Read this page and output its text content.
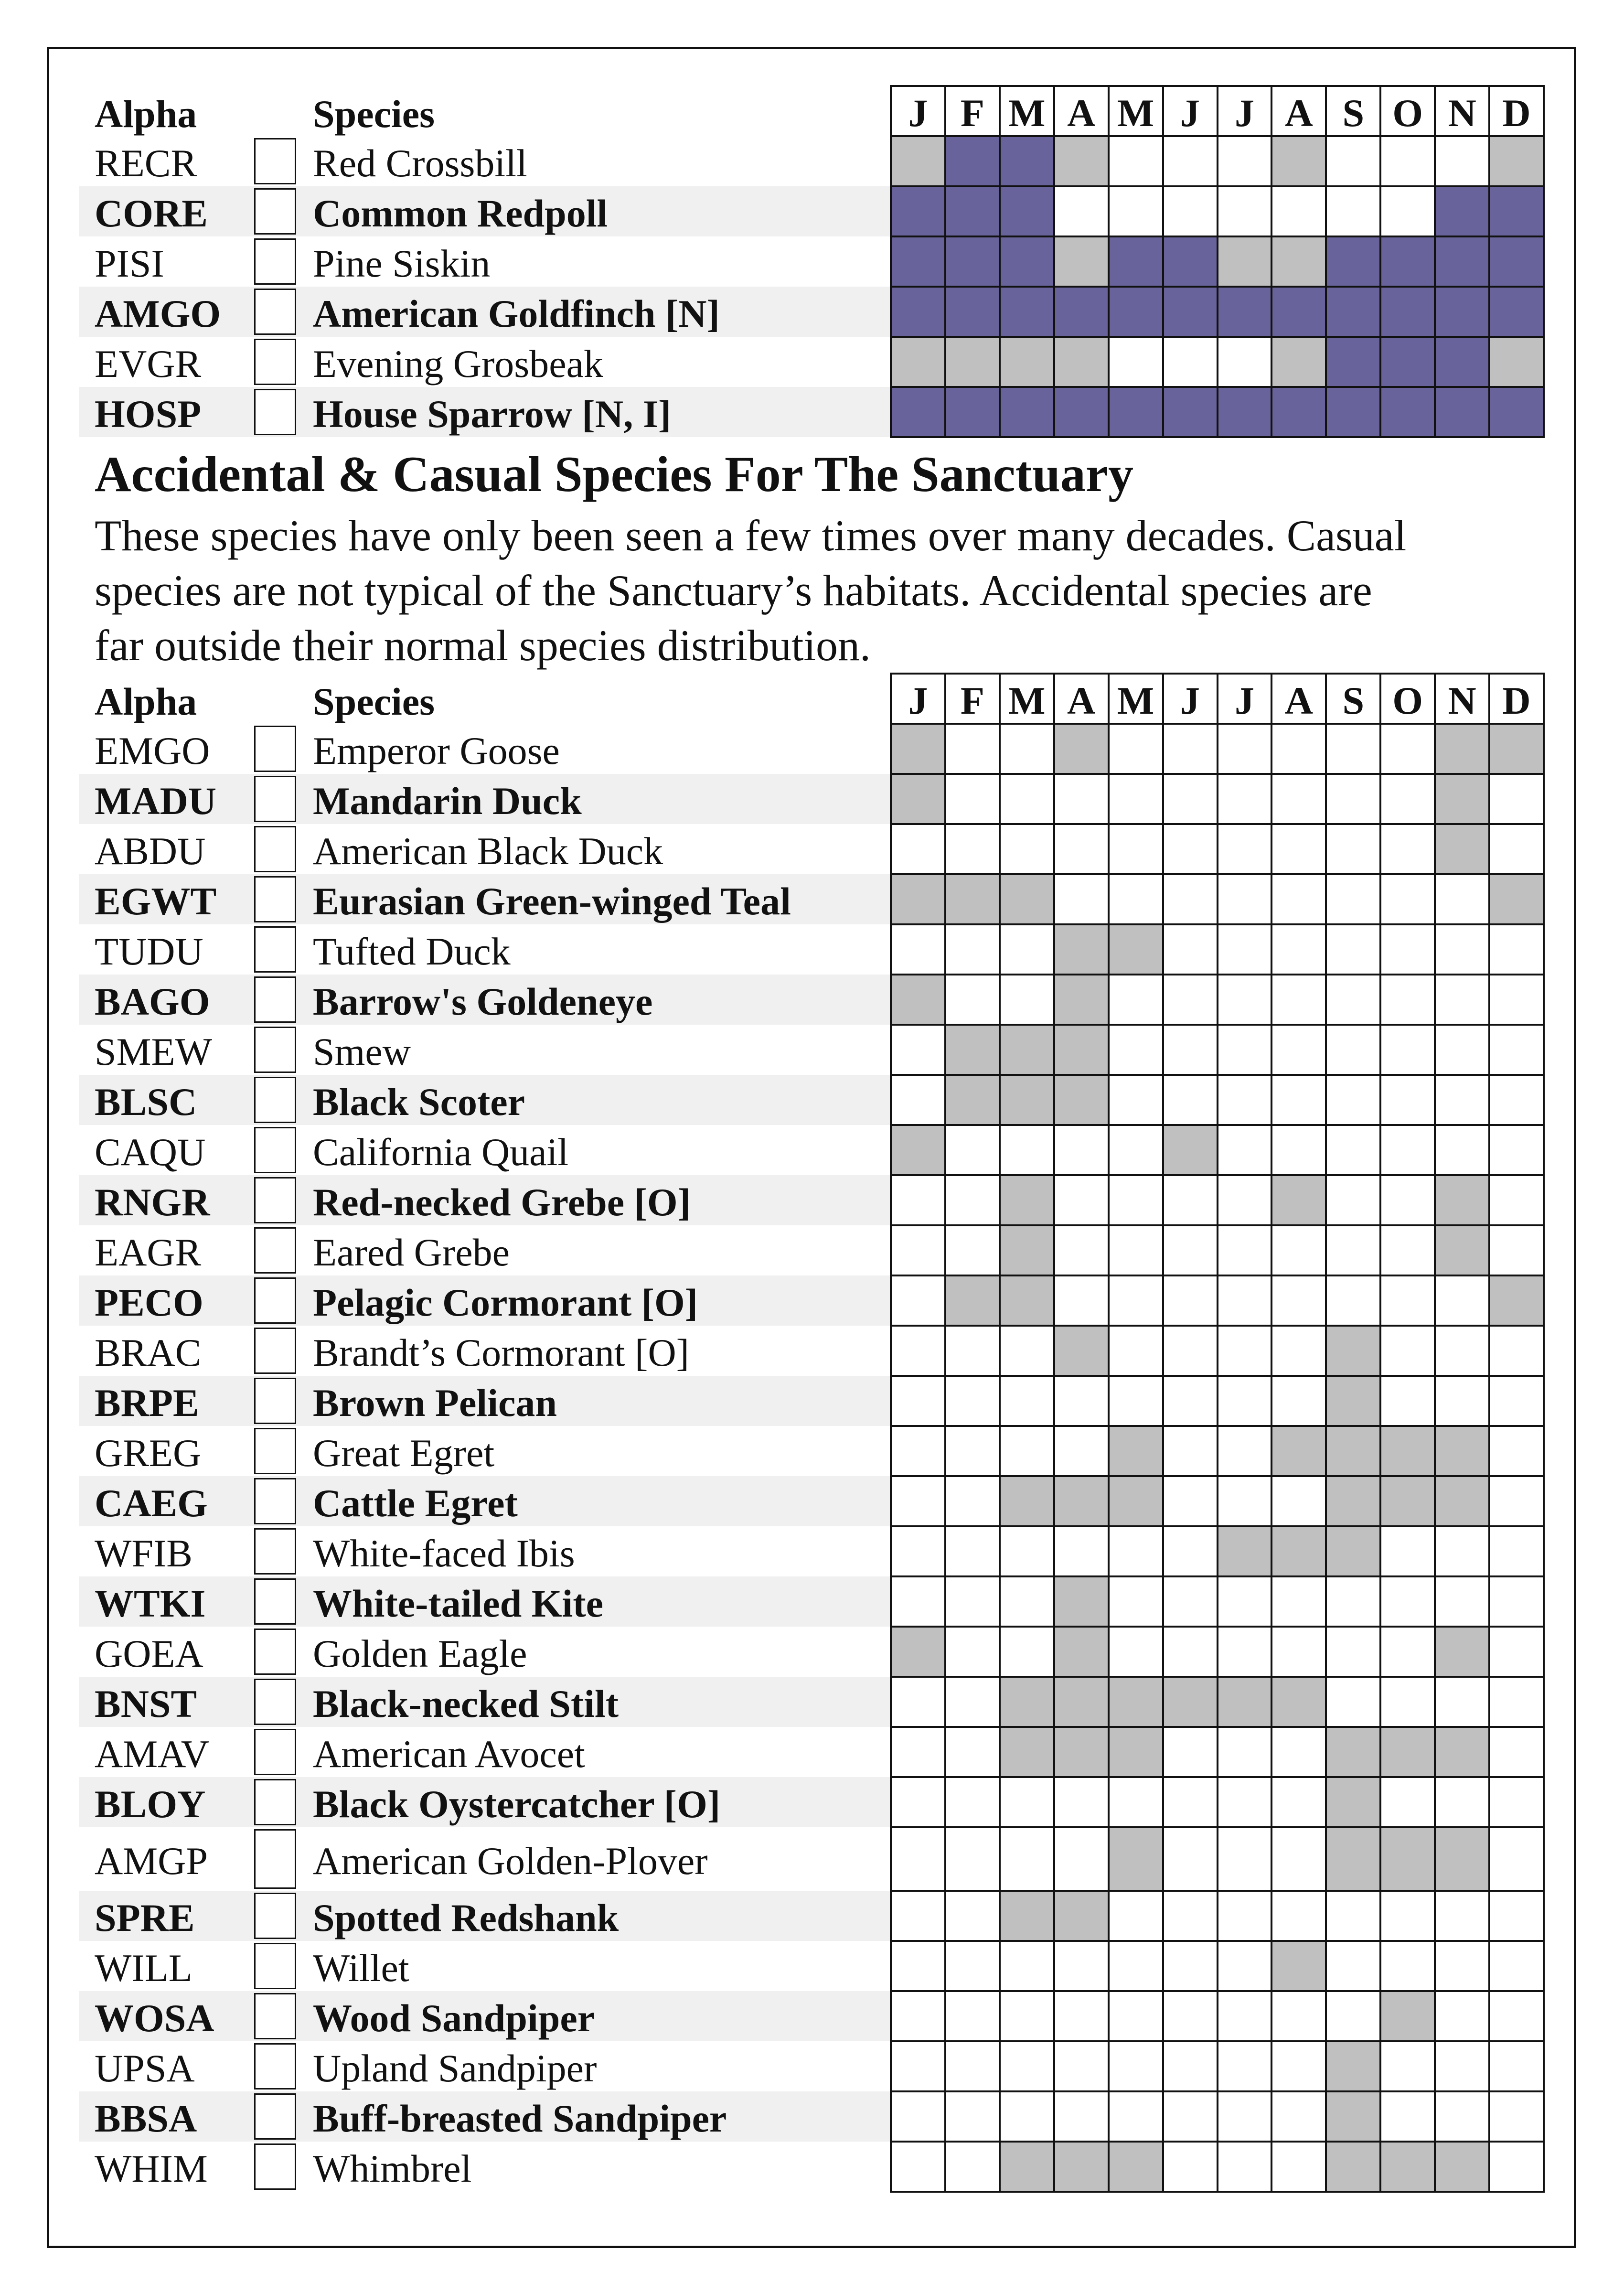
Alpha	Species	J F M A M J J A S O N D
RECR	Red Crossbill
CORE	Common Redpoll
PISI	Pine Siskin
AMGO American Goldfinch [N]
EVGR	Evening Grosbeak
HOSP	House Sparrow [N, I]
Accidental & Casual Species For The Sanctuary
These species have only been seen a few times over many decades. Casual
species are not typical of the Sanctuary’s habitats. Accidental species are
far outside their normal species distribution.
Alpha	Species	J F M A M J J A S O N D
EMGO	Emperor Goose
MADU Mandarin Duck
ABDU	American Black Duck
EGWT Eurasian Green-winged Teal
TUDU	Tufted Duck
BAGO	Barrow's Goldeneye
SMEW	Smew
BLSC	Black Scoter
CAQU	California Quail
RNGR	Red-necked Grebe [O]
EAGR	Eared Grebe
PECO	Pelagic Cormorant [O]
BRAC	Brandt’s Cormorant [O]
BRPE	Brown Pelican
GREG	Great Egret
CAEG	Cattle Egret
WFIB	White-faced Ibis
WTKI	White-tailed Kite
GOEA	Golden Eagle
BNST	Black-necked Stilt
AMAV	American Avocet
BLOY	Black Oystercatcher [O]
AMGP	American Golden-Plover
SPRE	Spotted Redshank
WILL	Willet
WOSA	Wood Sandpiper
UPSA	Upland Sandpiper
BBSA	Buff-breasted Sandpiper
WHIM	Whimbrel
